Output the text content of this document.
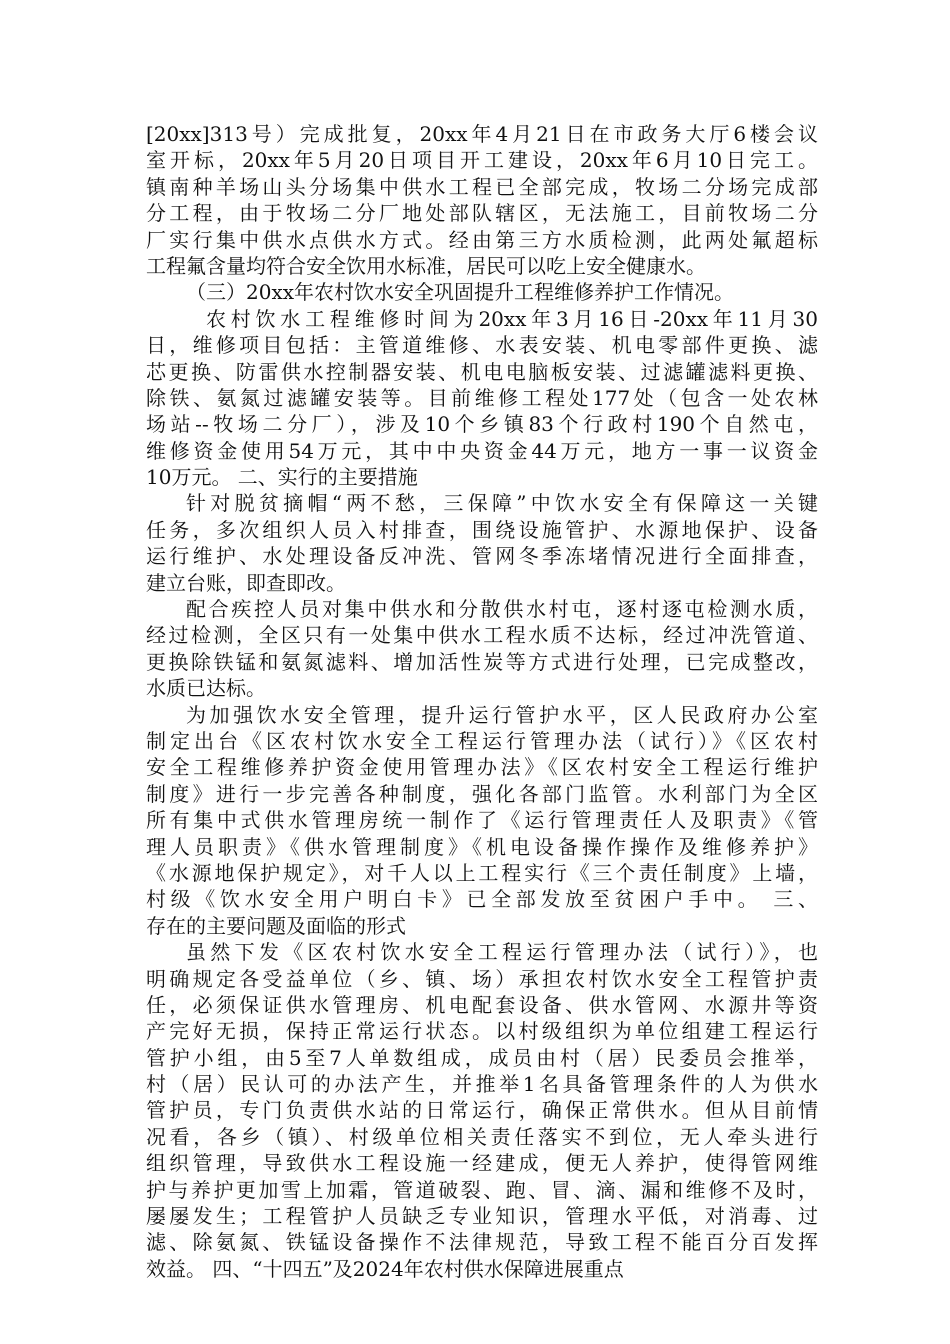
[20xx]313号）完成批复，20xx年4月21日在市政务大厅6楼会议
室开标，20xx年5月20日项目开工建设，20xx年6月10日完工。
镇南种羊场山头分场集中供水工程已全部完成，牧场二分场完成部
分工程，由于牧场二分厂地处部队辖区，无法施工，目前牧场二分
厂实行集中供水点供水方式。经由第三方水质检测，此两处氟超标
工程氟含量均符合安全饮用水标准，居民可以吃上安全健康水。
（三）20xx年农村饮水安全巩固提升工程维修养护工作情况。
农村饮水工程维修时间为20xx年3月16日-20xx年11月30
日，维修项目包括：主管道维修、水表安装、机电零部件更换、滤
芯更换、防雷供水控制器安装、机电电脑板安装、过滤罐滤料更换、
除铁、氨氮过滤罐安装等。目前维修工程处177处（包含一处农林
场站--牧场二分厂），涉及10个乡镇83个行政村190个自然屯，
维修资金使用54万元，其中中央资金44万元，地方一事一议资金
10万元。 二、实行的主要措施
针对脱贫摘帽“两不愁，三保障”中饮水安全有保障这一关键
任务，多次组织人员入村排查，围绕设施管护、水源地保护、设备
运行维护、水处理设备反冲洗、管网冬季冻堵情况进行全面排查，
建立台账，即查即改。
配合疾控人员对集中供水和分散供水村屯，逐村逐屯检测水质，
经过检测，全区只有一处集中供水工程水质不达标，经过冲洗管道、
更换除铁锰和氨氮滤料、增加活性炭等方式进行处理，已完成整改，
水质已达标。
为加强饮水安全管理，提升运行管护水平，区人民政府办公室
制定出台《区农村饮水安全工程运行管理办法（试行）》《区农村
安全工程维修养护资金使用管理办法》《区农村安全工程运行维护
制度》进行一步完善各种制度，强化各部门监管。水利部门为全区
所有集中式供水管理房统一制作了《运行管理责任人及职责》《管
理人员职责》《供水管理制度》《机电设备操作操作及维修养护》
《水源地保护规定》，对千人以上工程实行《三个责任制度》上墙，
村级《饮水安全用户明白卡》已全部发放至贫困户手中。 三、
存在的主要问题及面临的形式
虽然下发《区农村饮水安全工程运行管理办法（试行）》，也
明确规定各受益单位（乡、镇、场）承担农村饮水安全工程管护责
任，必须保证供水管理房、机电配套设备、供水管网、水源井等资
产完好无损，保持正常运行状态。以村级组织为单位组建工程运行
管护小组，由5至7人单数组成，成员由村（居）民委员会推举，
村（居）民认可的办法产生，并推举1名具备管理条件的人为供水
管护员，专门负责供水站的日常运行，确保正常供水。但从目前情
况看，各乡（镇）、村级单位相关责任落实不到位，无人牵头进行
组织管理，导致供水工程设施一经建成，便无人养护，使得管网维
护与养护更加雪上加霜，管道破裂、跑、冒、滴、漏和维修不及时，
屡屡发生；工程管护人员缺乏专业知识，管理水平低，对消毒、过
滤、除氨氮、铁锰设备操作不法律规范，导致工程不能百分百发挥
效益。 四、“十四五”及2024年农村供水保障进展重点
